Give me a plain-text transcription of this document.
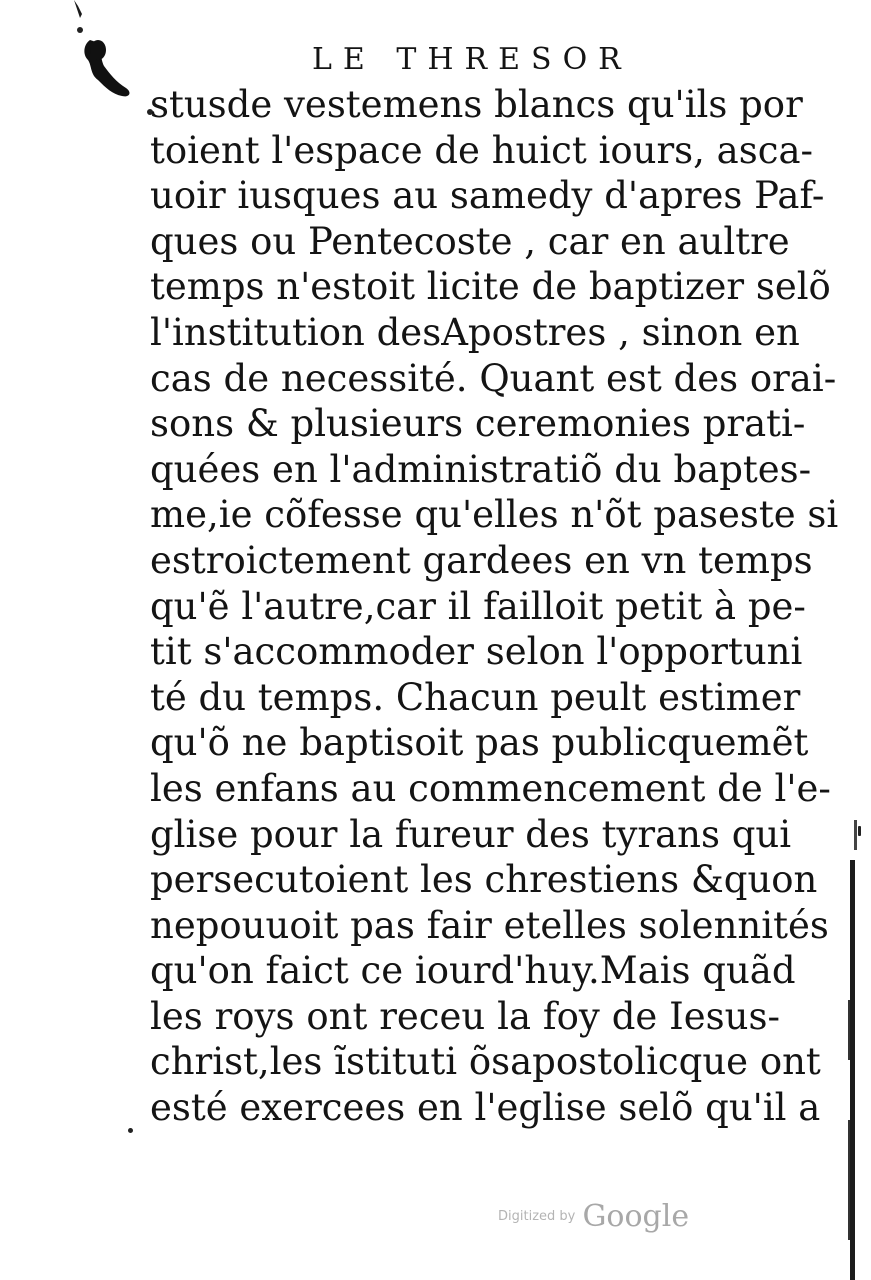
LE THRESOR
stusde vestemens blancs qu'ils por
toient l'espace de huict iours, asca-
uoir iusques au samedy d'apres Paf-
ques ou Pentecoste , car en aultre
temps n'estoit licite de baptizer selõ
l'institution desApostres , sinon en
cas de necessité. Quant est des orai-
sons & plusieurs ceremonies prati-
quées en l'administratiõ du baptes-
me,ie cõfesse qu'elles n'õt paseste si
estroictement gardees en vn temps
qu'ẽ l'autre,car il failloit petit à pe-
tit s'accommoder selon l'opportuni
té du temps. Chacun peult estimer
qu'õ ne baptisoit pas publicquemẽt
les enfans au commencement de l'e-
glise pour la fureur des tyrans qui
persecutoient les chrestiens &quon
nepouuoit pas fair etelles solennités
qu'on faict ce iourd'huy.Mais quãd
les roys ont receu la foy de Iesus-
christ,les ĩstituti õsapostolicque ont
esté exercees en l'eglise selõ qu'il a
Digitized by Google
